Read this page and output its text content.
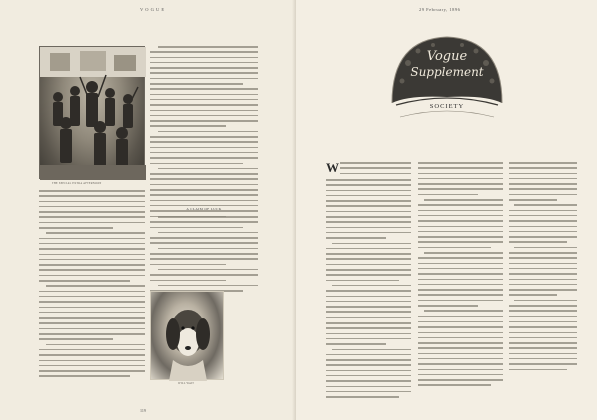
V O G U E
THE SPECIAL EXTRA AFTERNOON
A CLAIM OF LUCK
WILL WAIT
119
29 February, 1896
Vogue
Supplement
SOCIETY
W
